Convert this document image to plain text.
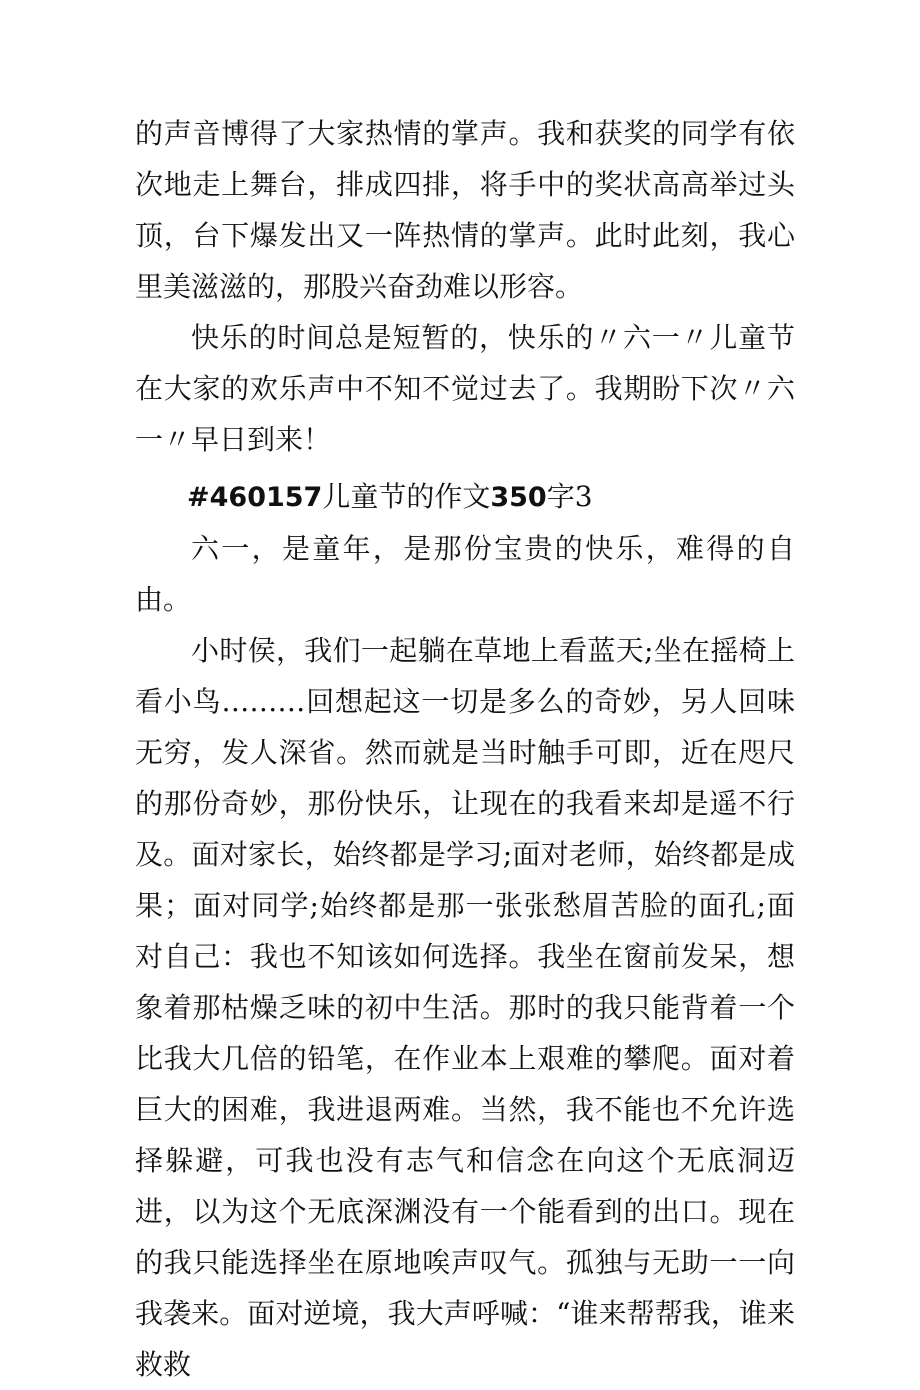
的声音博得了大家热情的掌声。我和获奖的同学有依次地走上舞台，排成四排，将手中的奖状高高举过头顶，台下爆发出又一阵热情的掌声。此时此刻，我心里美滋滋的，那股兴奋劲难以形容。

快乐的时间总是短暂的，快乐的〃六一〃儿童节在大家的欢乐声中不知不觉过去了。我期盼下次〃六一〃早日到来！

#460157儿童节的作文350字3

六一，是童年，是那份宝贵的快乐，难得的自由。

小时侯，我们一起躺在草地上看蓝天;坐在摇椅上看小鸟………回想起这一切是多么的奇妙，另人回味无穷，发人深省。然而就是当时触手可即，近在咫尺的那份奇妙，那份快乐，让现在的我看来却是遥不行及。面对家长，始终都是学习;面对老师，始终都是成果；面对同学;始终都是那一张张愁眉苦脸的面孔;面对自己：我也不知该如何选择。我坐在窗前发呆，想象着那枯燥乏味的初中生活。那时的我只能背着一个比我大几倍的铅笔，在作业本上艰难的攀爬。面对着巨大的困难，我进退两难。当然，我不能也不允许选择躲避，可我也没有志气和信念在向这个无底洞迈进，以为这个无底深渊没有一个能看到的出口。现在的我只能选择坐在原地唉声叹气。孤独与无助一一向我袭来。面对逆境，我大声呼喊：“谁来帮帮我，谁来救救
